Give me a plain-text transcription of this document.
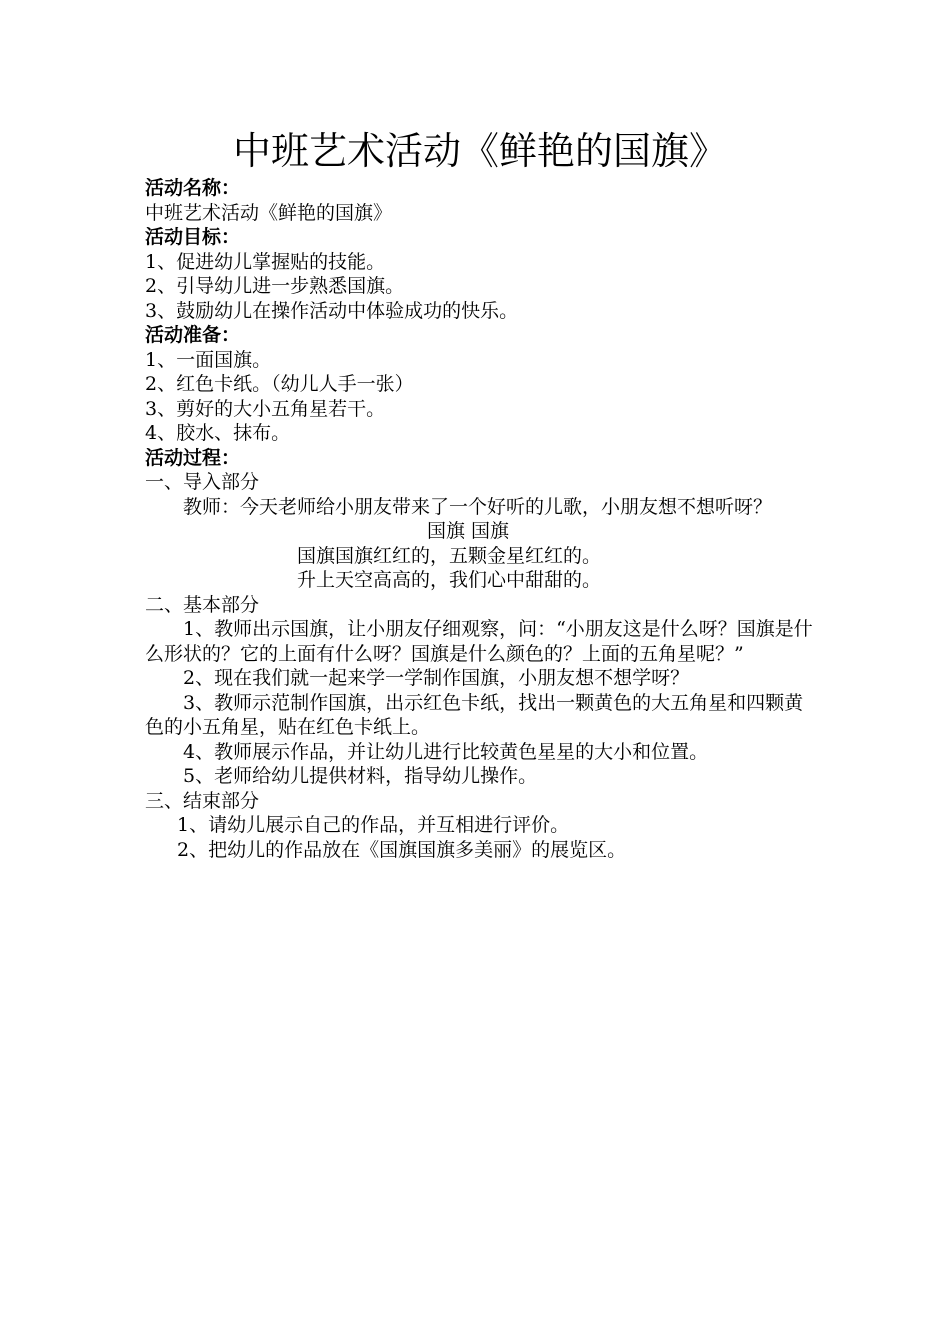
中班艺术活动《鲜艳的国旗》

活动名称：

中班艺术活动《鲜艳的国旗》

活动目标：

1、促进幼儿掌握贴的技能。

2、引导幼儿进一步熟悉国旗。

3、鼓励幼儿在操作活动中体验成功的快乐。

活动准备：

1、一面国旗。

2、红色卡纸。（幼儿人手一张）

3、剪好的大小五角星若干。

4、胶水、抹布。

活动过程：

一、导入部分

教师：今天老师给小朋友带来了一个好听的儿歌，小朋友想不想听呀？

国旗 国旗

国旗国旗红红的，五颗金星红红的。

升上天空高高的，我们心中甜甜的。

二、基本部分

1、教师出示国旗，让小朋友仔细观察，问：“小朋友这是什么呀？国旗是什么形状的？它的上面有什么呀？国旗是什么颜色的？上面的五角星呢？”

2、现在我们就一起来学一学制作国旗，小朋友想不想学呀？

3、教师示范制作国旗，出示红色卡纸，找出一颗黄色的大五角星和四颗黄色的小五角星，贴在红色卡纸上。

4、教师展示作品，并让幼儿进行比较黄色星星的大小和位置。

5、老师给幼儿提供材料，指导幼儿操作。

三、结束部分

1、请幼儿展示自己的作品，并互相进行评价。

2、把幼儿的作品放在《国旗国旗多美丽》的展览区。
